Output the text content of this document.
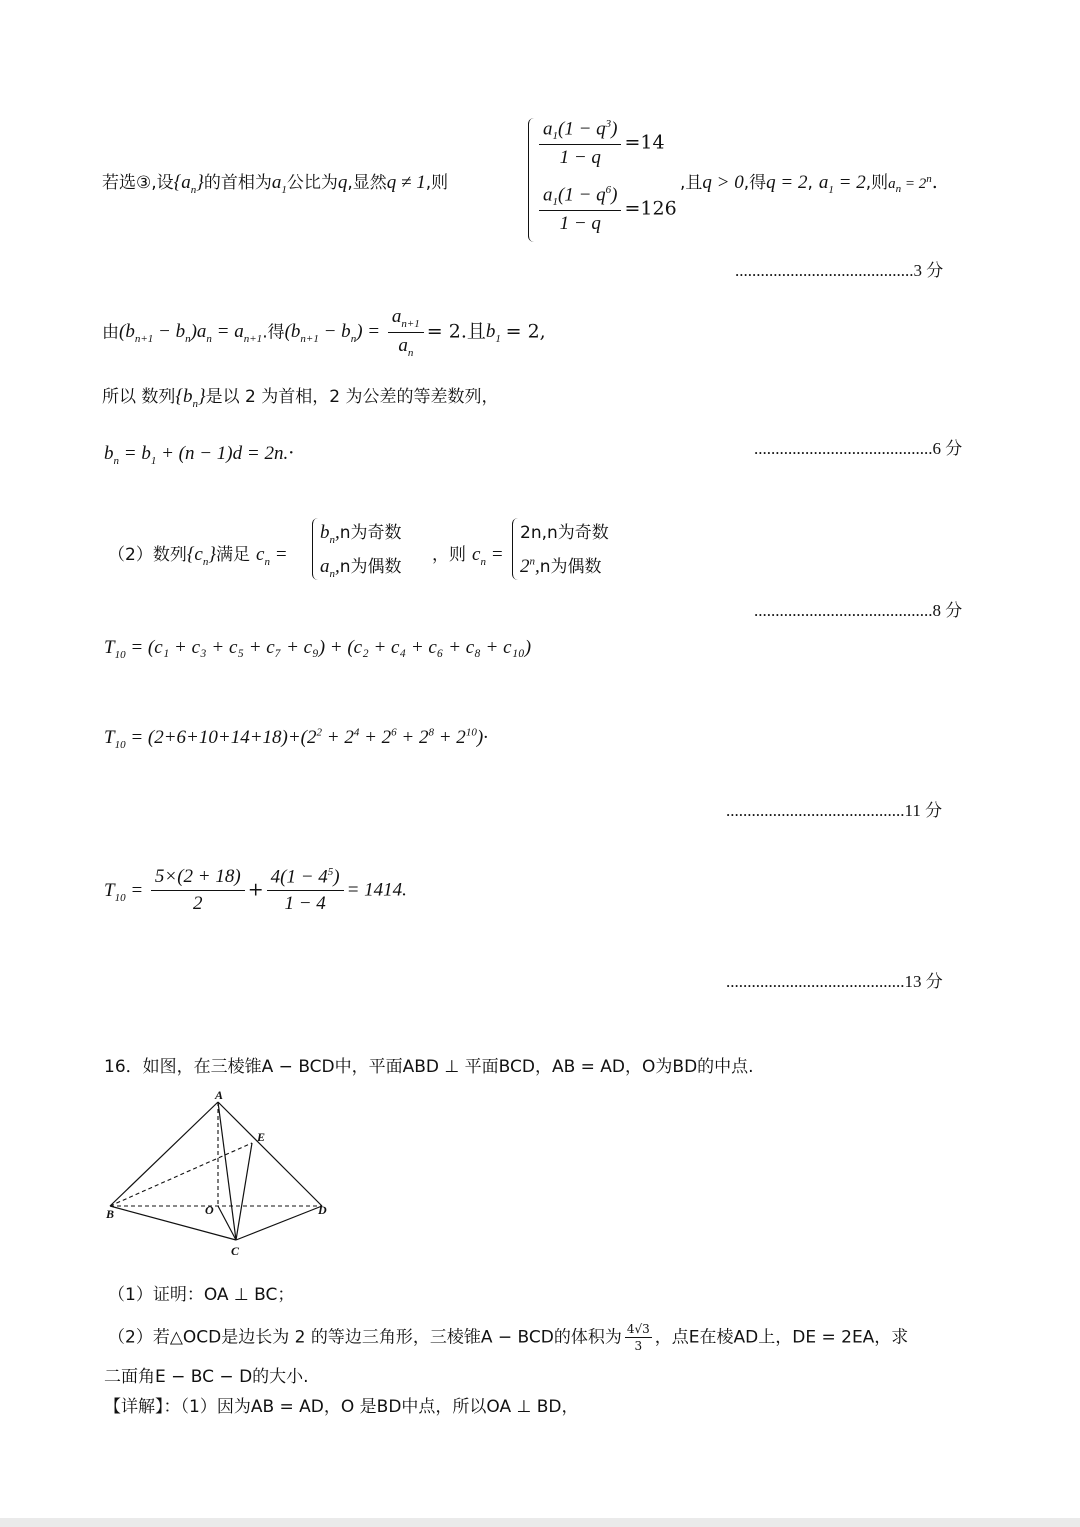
若选③,设$\{a_n\}$的首相为$a_1$公比为q,显然q ≠ 1,则
$\frac{a_1(1 - q^3)}{1 - q} =14$
$\frac{a_1(1 - q^6)}{1 - q} =126$
,且q > 0,得q = 2, $a_1 = 2$,则$a_n = 2^n$.
..........................................3 分
由$(b_{n+1} - b_n)a_n = a_{n+1}$.得$(b_{n+1} - b_n) = \frac{a_{n+1}}{a_n} = 2$.且$b_1 = 2$,
所以 数列$\{b_n\}$是以 2 为首相，2 为公差的等差数列，
$b_n = b_1 + (n - 1)d = 2n.\cdot$	..........................................6 分
（2）数列$\{c_n\}$满足 $c_n$ =
$b_n,n$为奇数
$a_n,n$为偶数
，则 $c_n$ =
2n,n为奇数
2$^n$,n为偶数
..........................................8 分
$T_{10} = (c_1 + c_3 + c_5 + c_7 + c_9) + (c_2 + c_4 + c_6 + c_8 + c_{10})$
$T_{10} = (2+6+10+14+18)+(2^2 + 2^4 + 2^6 + 2^8 + 2^{10})\cdot$
..........................................11 分
$T_{10} = \frac{5\times(2 + 18)}{2} + \frac{4(1 - 4^5)}{1 - 4} = 1414$.
..........................................13 分
16．如图，在三棱锥A − BCD中，平面ABD ⊥ 平面BCD，AB = AD，O为BD的中点.
A
E
B	O	D
C
（1）证明：OA ⊥ BC；
（2）若△OCD是边长为 2 的等边三角形，三棱锥A − BCD的体积为 $\frac{4√3}{3}$ ，点E在棱AD上，DE = 2EA，求
二面角E − BC − D的大小.
【详解】：（1）因为AB = AD，O 是BD中点，所以OA ⊥ BD，
